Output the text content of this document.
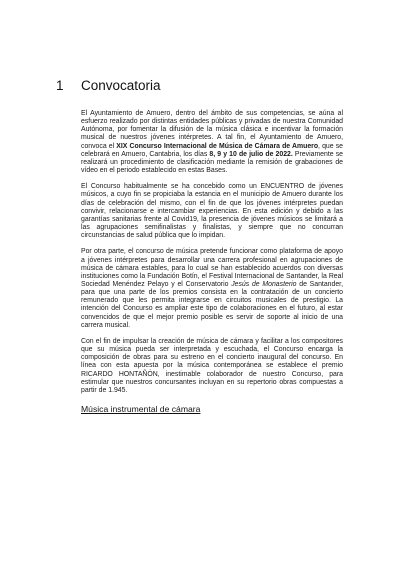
1	Convocatoria

El Ayuntamiento de Amuero, dentro del ámbito de sus competencias, se aúna al esfuerzo realizado por distintas entidades públicas y privadas de nuestra Comunidad Autónoma, por fomentar la difusión de la música clásica e incentivar la formación musical de nuestros jóvenes intérpretes. A tal fin, el Ayuntamiento de Amuero, convoca el XIX Concurso Internacional de Música de Cámara de Amuero, que se celebrará en Amuero, Cantabria, los días 8, 9 y 10 de julio de 2022. Previamente se realizará un procedimiento de clasificación mediante la remisión de grabaciones de vídeo en el periodo establecido en estas Bases.

El Concurso habitualmente se ha concebido como un ENCUENTRO de jóvenes músicos, a cuyo fin se propiciaba la estancia en el municipio de Amuero durante los días de celebración del mismo, con el fin de que los jóvenes intérpretes puedan convivir, relacionarse e intercambiar experiencias. En esta edición y debido a las garantías sanitarias frente al Covid19, la presencia de jóvenes músicos se limitará a las agrupaciones semifinalistas y finalistas, y siempre que no concurran circunstancias de salud pública que lo impidan.

Por otra parte, el concurso de música pretende funcionar como plataforma de apoyo a jóvenes intérpretes para desarrollar una carrera profesional en agrupaciones de música de cámara estables, para lo cual se han establecido acuerdos con diversas instituciones como la Fundación Botín, el Festival Internacional de Santander, la Real Sociedad Menéndez Pelayo y el Conservatorio Jesús de Monasterio de Santander, para que una parte de los premios consista en la contratación de un concierto remunerado que les permita integrarse en circuitos musicales de prestigio. La intención del Concurso es ampliar este tipo de colaboraciones en el futuro, al estar convencidos de que el mejor premio posible es servir de soporte al inicio de una carrera musical.

Con el fin de impulsar la creación de música de cámara y facilitar a los compositores que su música pueda ser interpretada y escuchada, el Concurso encarga la composición de obras para su estreno en el concierto inaugural del concurso. En línea con esta apuesta por la música contemporánea se establece el premio RICARDO HONTAÑÓN, inestimable colaborador de nuestro Concurso, para estimular que nuestros concursantes incluyan en su repertorio obras compuestas a partir de 1.945.

Música instrumental de cámara
